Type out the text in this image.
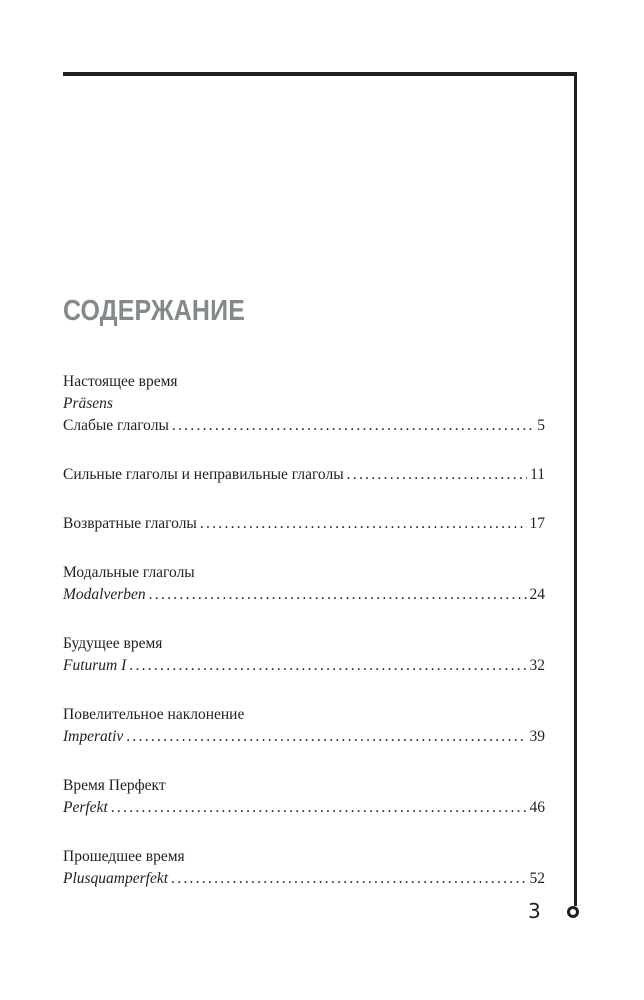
СОДЕРЖАНИЕ
Настоящее время
Präsens
Слабые глаголы . . .	5
Сильные глаголы и неправильные глаголы . . .	11
Возвратные глаголы . . .	17
Модальные глаголы
Modalverben . . .	24
Будущее время
Futurum I . . .	32
Повелительное наклонение
Imperativ . . .	39
Время Перфект
Perfekt . . .	46
Прошедшее время
Plusquamperfekt . . .	52
3
